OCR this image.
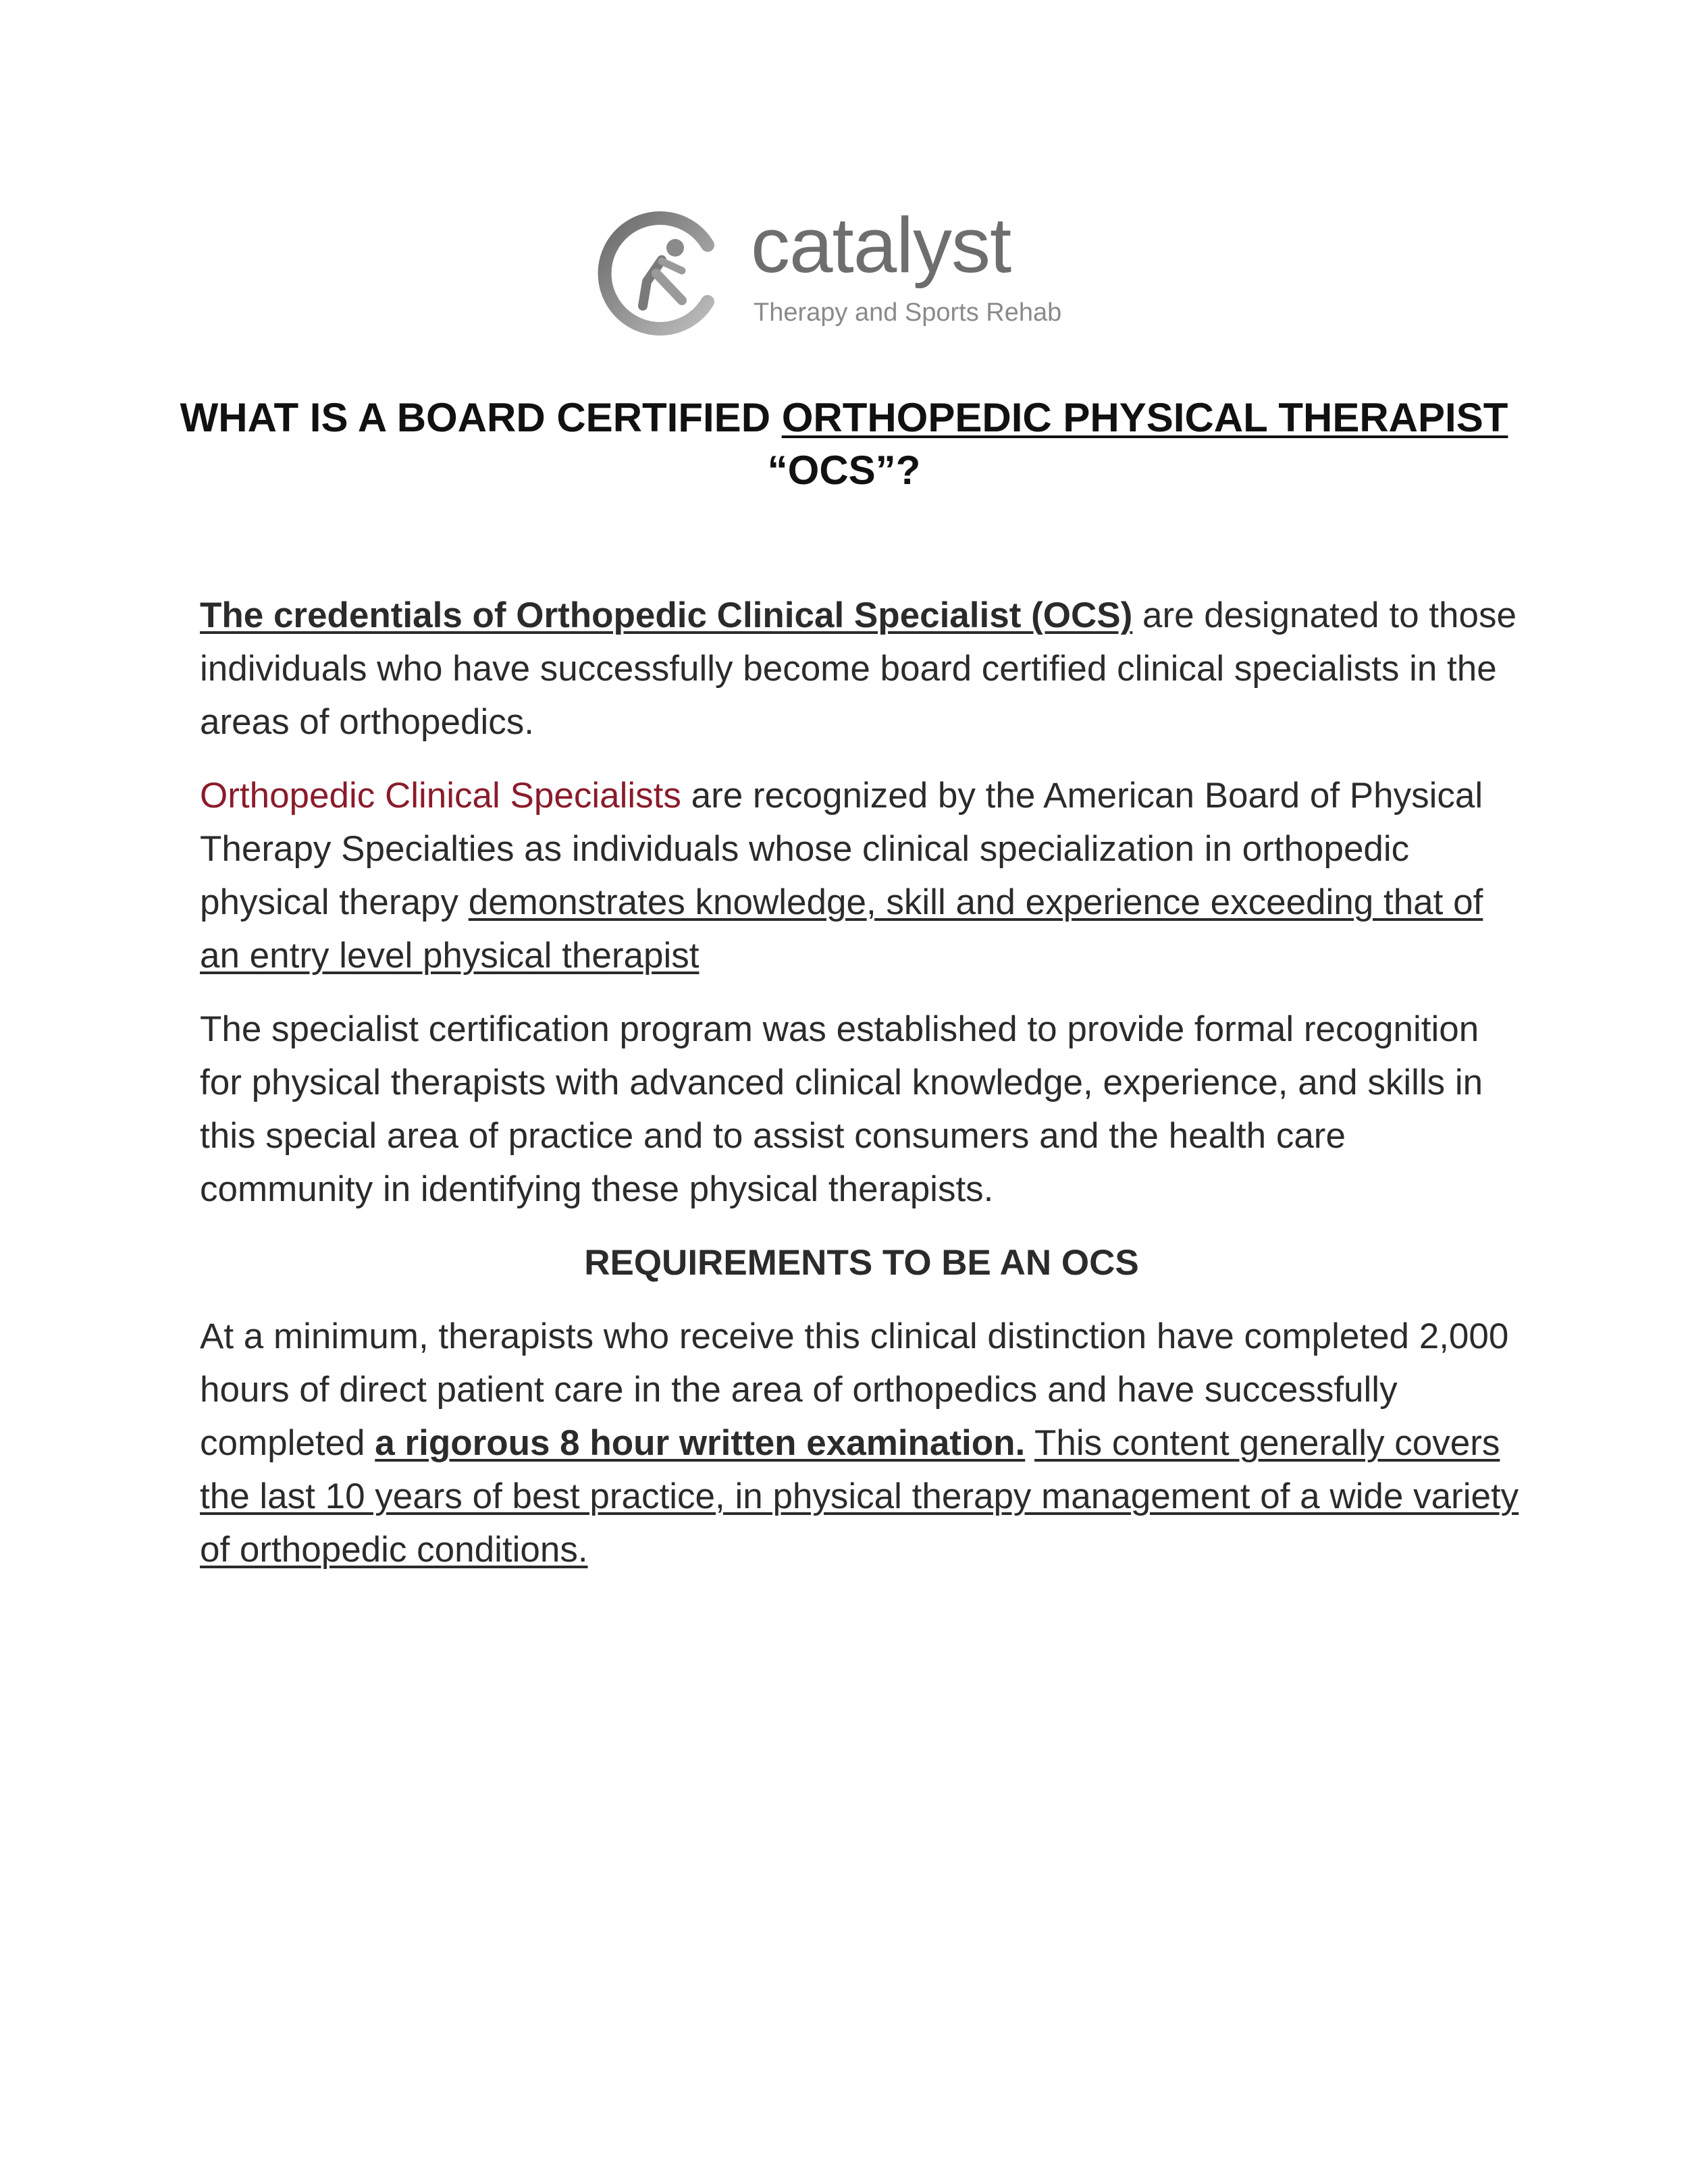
catalyst
Therapy and Sports Rehab
WHAT IS A BOARD CERTIFIED ORTHOPEDIC PHYSICAL THERAPIST “OCS”?

The credentials of Orthopedic Clinical Specialist (OCS) are designated to those individuals who have successfully become board certified clinical specialists in the areas of orthopedics.

Orthopedic Clinical Specialists are recognized by the American Board of Physical Therapy Specialties as individuals whose clinical specialization in orthopedic physical therapy demonstrates knowledge, skill and experience exceeding that of an entry level physical therapist

The specialist certification program was established to provide formal recognition for physical therapists with advanced clinical knowledge, experience, and skills in this special area of practice and to assist consumers and the health care community in identifying these physical therapists.

REQUIREMENTS TO BE AN OCS

At a minimum, therapists who receive this clinical distinction have completed 2,000 hours of direct patient care in the area of orthopedics and have successfully completed a rigorous 8 hour written examination. This content generally covers the last 10 years of best practice, in physical therapy management of a wide variety of orthopedic conditions.
